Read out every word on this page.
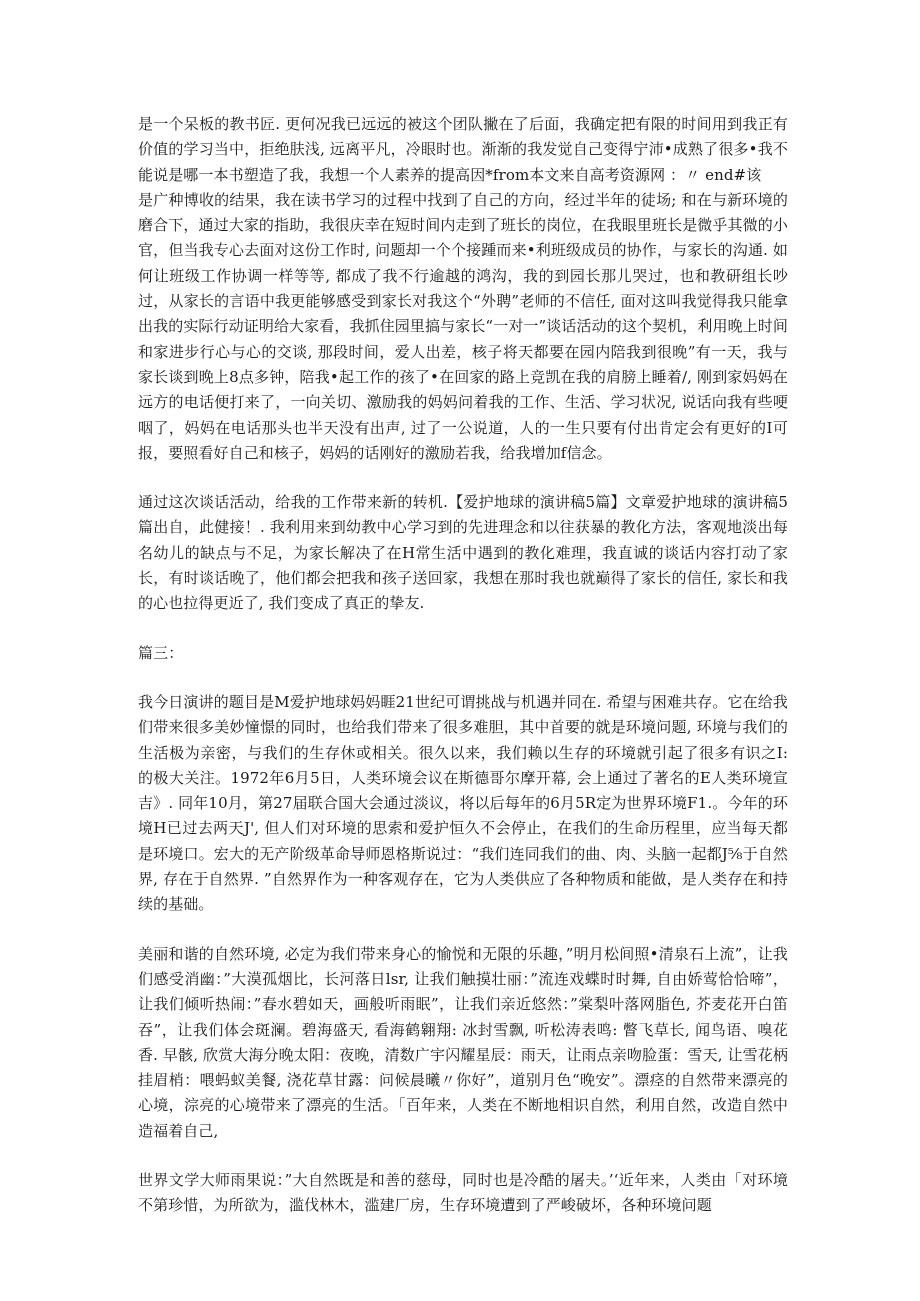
是一个呆板的教书匠. 更何况我已远远的被这个团队撇在了后面，我确定把有限的时间用到我正有价值的学习当中，拒绝肤浅, 远离平凡，冷眼时也。渐渐的我发觉自己变得宁沛•成熟了很多•我不能说是哪一本书塑造了我，我想一个人素养的提高因*from本文来自高考资源网 ：〃 end#该

是广种博收的结果，我在读书学习的过程中找到了自己的方向，经过半年的徒场; 和在与新环境的磨合下，通过大家的指助，我很庆幸在短时间内走到了班长的岗位，在我眼里班长是微乎其微的小官，但当我专心去面对这份工作时, 问题却一个个接踵而来•利班级成员的协作，与家长的沟通. 如何让班级工作协调一样等等, 都成了我不行逾越的鸿沟，我的到园长那儿哭过，也和教研组长吵过，从家长的言语中我更能够感受到家长对我这个“外聘”老师的不信任, 面对这叫我觉得我只能拿出我的实际行动证明给大家看，我抓住园里搞与家长“一对一”谈话活动的这个契机，利用晚上时间和家进步行心与心的交谈, 那段时间，爱人出差，核子将天都要在园内陪我到很晚”有一天，我与家长谈到晚上8点多钟，陪我•起工作的孩了•在回家的路上竞凯在我的肩膀上睡着/, 刚到家妈妈在远方的电话便打来了，一向关切、激励我的妈妈问着我的工作、生活、学习状况, 说话向我有些哽咽了，妈妈在电话那头也半天没有出声, 过了一公说道，人的一生只要有付出肯定会有更好的I可报，要照看好自己和核子，妈妈的话刚好的激励若我，给我增加f信念。

通过这次谈话活动，给我的工作带来新的转机.【爱护地球的演讲稿5篇】文章爱护地球的演讲稿5篇出自，此健接！. 我利用来到幼教中心学习到的先进理念和以往获暴的教化方法，客观地淡出每名幼儿的缺点与不足，为家长解决了在H常生活中遇到的教化难理，我直诚的谈话内容打动了家长，有时谈话晚了，他们都会把我和孩子送回家，我想在那时我也就巅得了家长的信任, 家长和我的心也拉得更近了, 我们变成了真正的挚友.

篇三：

我今日演讲的题目是M爱护地球妈妈睚21世纪可谓挑战与机遇并同在. 希望与困难共存。它在给我们带来很多美妙憧憬的同时，也给我们带来了很多难胆，其中首要的就是环境问题, 环境与我们的生活极为亲密，与我们的生存休或相关。很久以来，我们赖以生存的环境就引起了很多有识之I: 的极大关注。1972年6月5日，人类环境会议在斯德哥尔摩开幕, 会上通过了著名的E人类环境宣吉》. 同年10月，第27届联合国大会通过淡议，将以后每年的6月5R定为世界环境F1.。今年的环境H已过去两天J', 但人们对环境的思索和爱护恒久不会停止，在我们的生命历程里，应当每天都是环境口。宏大的无产阶级革命导师恩格斯说过：“我们连同我们的曲、肉、头脑一起都J⅝于自然界, 存在于自然界. ”自然界作为一种客观存在，它为人类供应了各种物质和能做，是人类存在和持续的基础。

美丽和谐的自然环境, 必定为我们带来身心的愉悦和无限的乐趣，”明月松间照•清泉石上流”，让我们感受消幽：”大漠孤烟比，长河落日lsr, 让我们触摸壮丽：”流连戏蝶时时舞, 自由娇莺恰恰啼”，让我们倾听热闹：”春水碧如天，画般听雨眠”，让我们亲近悠然：”棠梨叶落网脂色, 芥麦花开白笛吞”，让我们体会斑澜。碧海盛天, 看海鹤翱翔: 冰封雪飘, 听松涛表鸣: 瞥飞草长, 闻鸟语、嗅花香. 早骸, 欣赏大海分晚太阳：夜晚，清数广宇闪耀星辰：雨天，让雨点亲吻脸蛋：雪天, 让雪花柄挂眉梢：喂蚂蚁美餐, 浇花草甘露：问候晨曦〃你好”，道别月色“晚安”。漂痉的自然带来漂亮的心境，淙亮的心境带来了漂亮的生活。「百年来，人类在不断地相识自然，利用自然，改造自然中造福着自己,

世界文学大师雨果说：”大自然既是和善的慈母，同时也是冷酷的屠夫。’‘近年来，人类由「对环境不第珍惜，为所欲为，滥伐林木，滥建厂房，生存环境遭到了严峻破坏，各种环境问题
